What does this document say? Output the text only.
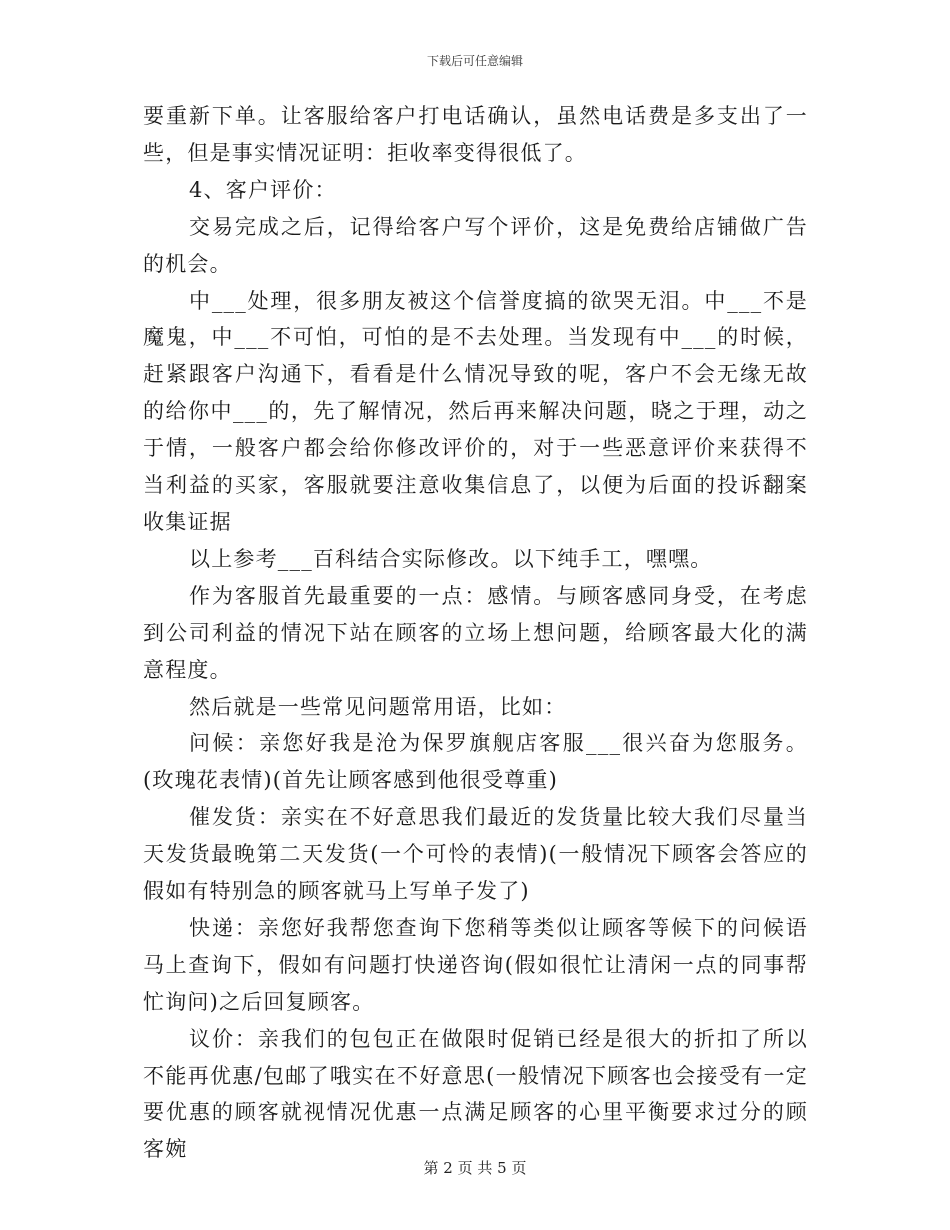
下载后可任意编辑

要重新下单。让客服给客户打电话确认，虽然电话费是多支出了一些，但是事实情况证明：拒收率变得很低了。

4、客户评价：

交易完成之后，记得给客户写个评价，这是免费给店铺做广告的机会。

中___处理，很多朋友被这个信誉度搞的欲哭无泪。中___不是魔鬼，中___不可怕，可怕的是不去处理。当发现有中___的时候，赶紧跟客户沟通下，看看是什么情况导致的呢，客户不会无缘无故的给你中___的，先了解情况，然后再来解决问题，晓之于理，动之于情，一般客户都会给你修改评价的，对于一些恶意评价来获得不当利益的买家，客服就要注意收集信息了，以便为后面的投诉翻案收集证据

以上参考___百科结合实际修改。以下纯手工，嘿嘿。

作为客服首先最重要的一点：感情。与顾客感同身受，在考虑到公司利益的情况下站在顾客的立场上想问题，给顾客最大化的满意程度。

然后就是一些常见问题常用语，比如：

问候：亲您好我是沧为保罗旗舰店客服___很兴奋为您服务。(玫瑰花表情)(首先让顾客感到他很受尊重)

催发货：亲实在不好意思我们最近的发货量比较大我们尽量当天发货最晚第二天发货(一个可怜的表情)(一般情况下顾客会答应的假如有特别急的顾客就马上写单子发了)

快递：亲您好我帮您查询下您稍等类似让顾客等候下的问候语马上查询下，假如有问题打快递咨询(假如很忙让清闲一点的同事帮忙询问)之后回复顾客。

议价：亲我们的包包正在做限时促销已经是很大的折扣了所以不能再优惠/包邮了哦实在不好意思(一般情况下顾客也会接受有一定要优惠的顾客就视情况优惠一点满足顾客的心里平衡要求过分的顾客婉

第 2 页 共 5 页
